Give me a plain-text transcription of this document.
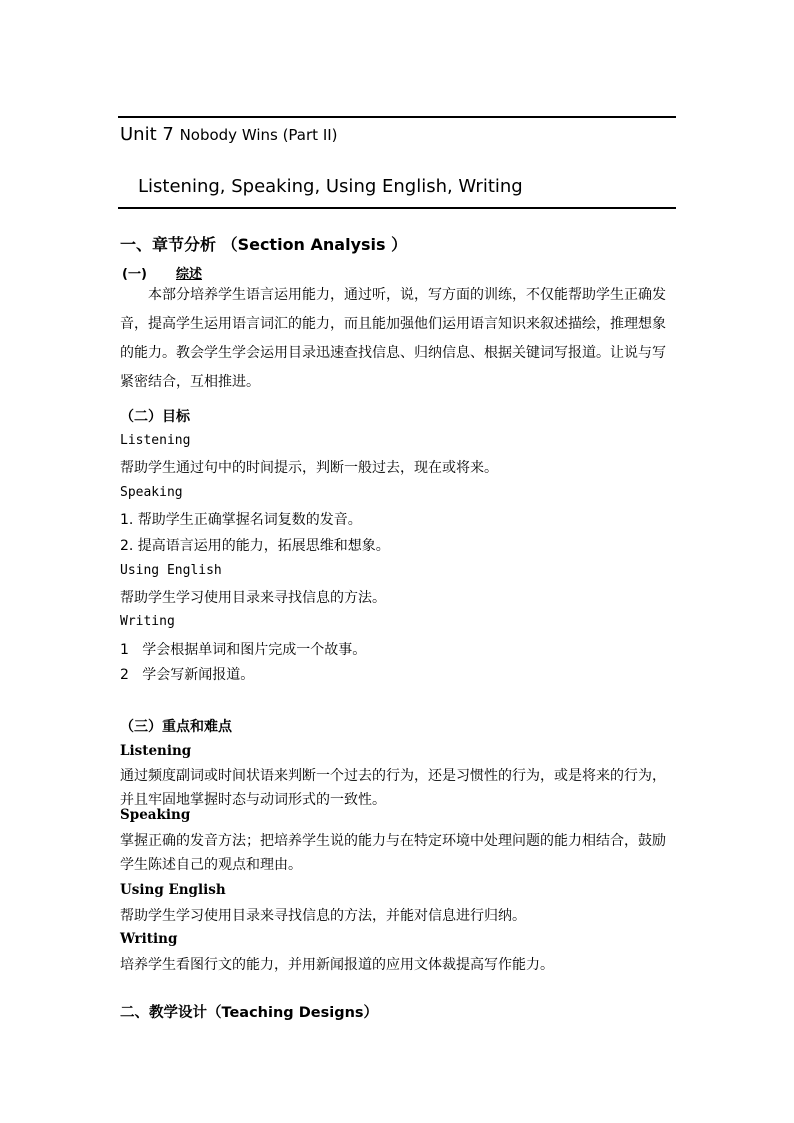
Unit 7 Nobody Wins (Part II)
Listening, Speaking, Using English, Writing
一、章节分析 （Section Analysis ）
(一) 综述
本部分培养学生语言运用能力，通过听，说，写方面的训练，不仅能帮助学生正确发音，提高学生运用语言词汇的能力，而且能加强他们运用语言知识来叙述描绘，推理想象的能力。教会学生学会运用目录迅速查找信息、归纳信息、根据关键词写报道。让说与写紧密结合，互相推进。
（二）目标
Listening
帮助学生通过句中的时间提示，判断一般过去，现在或将来。
Speaking
1. 帮助学生正确掌握名词复数的发音。
2. 提高语言运用的能力，拓展思维和想象。
Using English
帮助学生学习使用目录来寻找信息的方法。
Writing
1   学会根据单词和图片完成一个故事。
2   学会写新闻报道。
（三）重点和难点
Listening
通过频度副词或时间状语来判断一个过去的行为，还是习惯性的行为，或是将来的行为，并且牢固地掌握时态与动词形式的一致性。
Speaking
掌握正确的发音方法；把培养学生说的能力与在特定环境中处理问题的能力相结合，鼓励学生陈述自己的观点和理由。
Using English
帮助学生学习使用目录来寻找信息的方法，并能对信息进行归纳。
Writing
培养学生看图行文的能力，并用新闻报道的应用文体裁提高写作能力。
二、教学设计（Teaching Designs）
